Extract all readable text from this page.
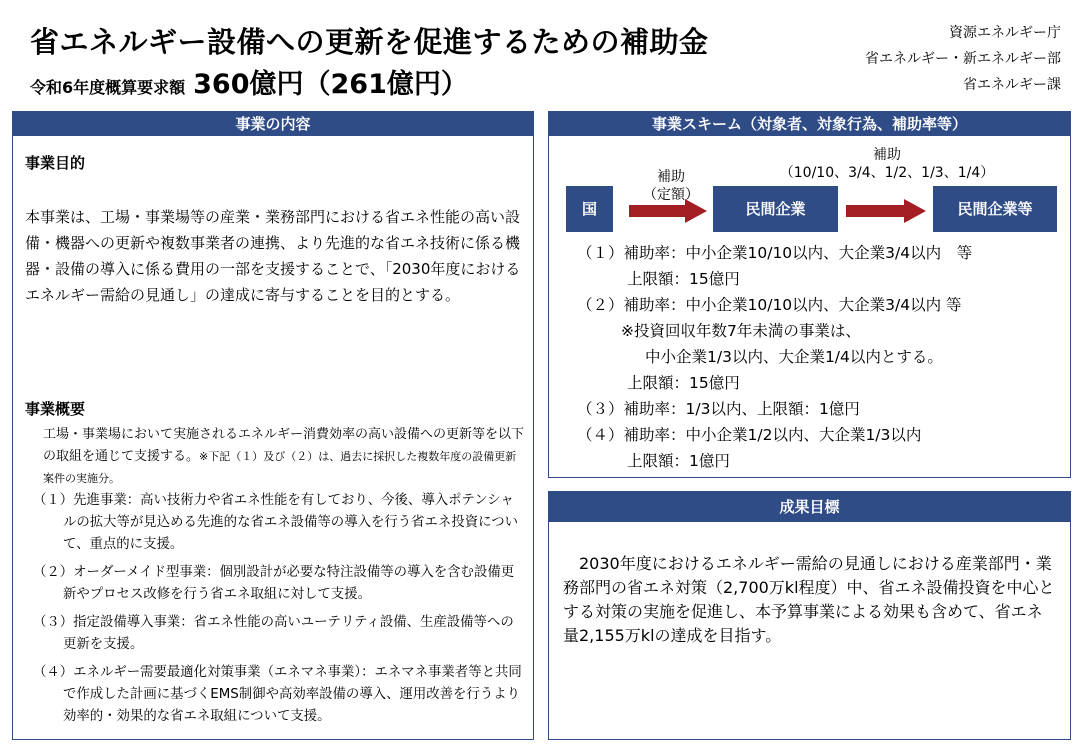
省エネルギー設備への更新を促進するための補助金
令和6年度概算要求額 360億円（261億円）
資源エネルギー庁
省エネルギー・新エネルギー部
省エネルギー課
事業の内容
事業目的
本事業は、工場・事業場等の産業・業務部門における省エネ性能の高い設備・機器への更新や複数事業者の連携、より先進的な省エネ技術に係る機器・設備の導入に係る費用の一部を支援することで、「2030年度におけるエネルギー需給の見通し」の達成に寄与することを目的とする。
事業概要
工場・事業場において実施されるエネルギー消費効率の高い設備への更新等を以下の取組を通じて支援する。※下記（１）及び（２）は、過去に採択した複数年度の設備更新案件の実施分。
（１）先進事業：高い技術力や省エネ性能を有しており、今後、導入ポテンシャルの拡大等が見込める先進的な省エネ設備等の導入を行う省エネ投資について、重点的に支援。
（２）オーダーメイド型事業：個別設計が必要な特注設備等の導入を含む設備更新やプロセス改修を行う省エネ取組に対して支援。
（３）指定設備導入事業：省エネ性能の高いユーテリティ設備、生産設備等への更新を支援。
（４）エネルギー需要最適化対策事業（エネマネ事業）：エネマネ事業者等と共同で作成した計画に基づくEMS制御や高効率設備の導入、運用改善を行うより効率的・効果的な省エネ取組について支援。
事業スキーム（対象者、対象行為、補助率等）
国	民間企業	民間企業等
補助
（定額）
補助
（10/10、3/4、1/2、1/3、1/4）
（１）補助率：中小企業10/10以内、大企業3/4以内　等
上限額：15億円
（２）補助率：中小企業10/10以内、大企業3/4以内 等
※投資回収年数7年未満の事業は、
中小企業1/3以内、大企業1/4以内とする。
上限額：15億円
（３）補助率：1/3以内、上限額：1億円
（４）補助率：中小企業1/2以内、大企業1/3以内
上限額：1億円
成果目標
2030年度におけるエネルギー需給の見通しにおける産業部門・業務部門の省エネ対策（2,700万kl程度）中、省エネ設備投資を中心とする対策の実施を促進し、本予算事業による効果も含めて、省エネ量2,155万klの達成を目指す。
